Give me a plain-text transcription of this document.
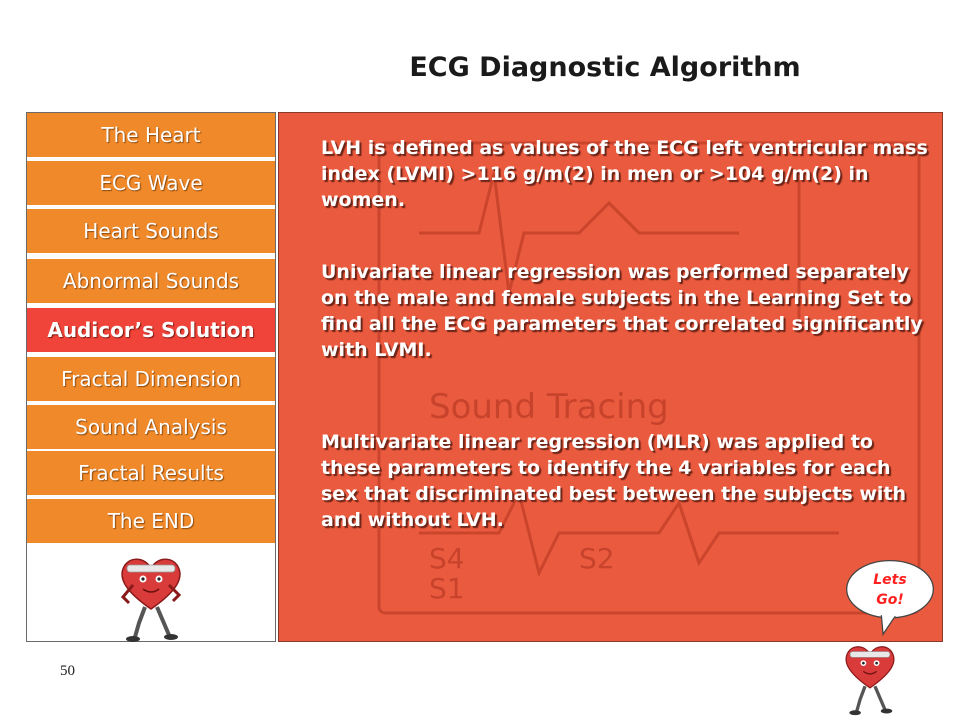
ECG Diagnostic Algorithm
The Heart
ECG Wave
Heart Sounds
Abnormal Sounds
Audicor’s Solution
Fractal Dimension
Sound Analysis
Fractal Results
The END
Sound Tracing
S4	S2
S1
LVH is defined as values of the ECG left ventricular mass index (LVMI) >116 g/m(2) in men or >104 g/m(2) in women.
Univariate linear regression was performed separately on the male and female subjects in the Learning Set to find all the ECG parameters that correlated significantly with LVMI.
Multivariate linear regression (MLR) was applied to these parameters to identify the 4 variables for each sex that discriminated best between the subjects with and without LVH.
Lets
Go!
50
